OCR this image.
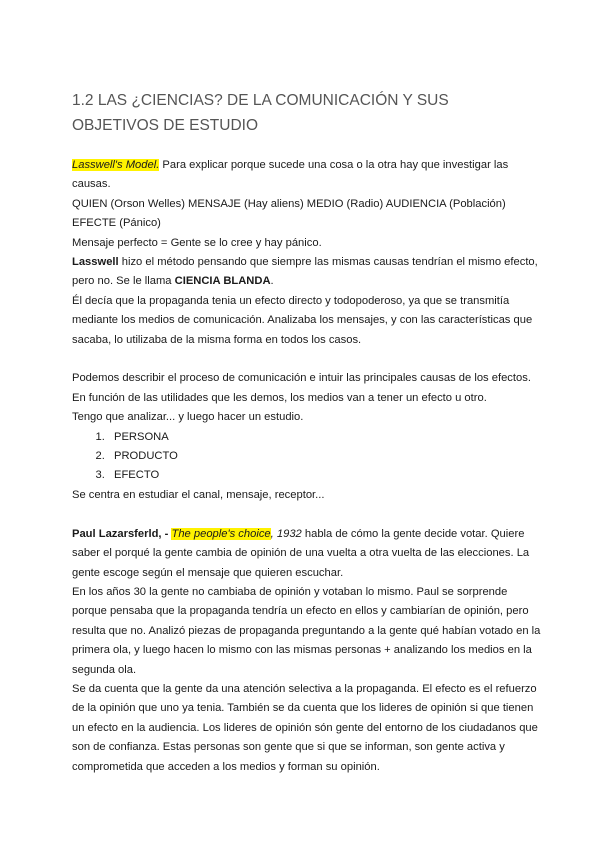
1.2 LAS ¿CIENCIAS? DE LA COMUNICACIÓN Y SUS OBJETIVOS DE ESTUDIO

Lasswell's Model. Para explicar porque sucede una cosa o la otra hay que investigar las causas.

QUIEN (Orson Welles) MENSAJE (Hay aliens) MEDIO (Radio) AUDIENCIA (Población) EFECTE (Pánico)

Mensaje perfecto = Gente se lo cree y hay pánico.

Lasswell hizo el método pensando que siempre las mismas causas tendrían el mismo efecto, pero no. Se le llama CIENCIA BLANDA.

Él decía que la propaganda tenia un efecto directo y todopoderoso, ya que se transmitía mediante los medios de comunicación. Analizaba los mensajes, y con las características que sacaba, lo utilizaba de la misma forma en todos los casos.

Podemos describir el proceso de comunicación e intuir las principales causas de los efectos.

En función de las utilidades que les demos, los medios van a tener un efecto u otro.

Tengo que analizar... y luego hacer un estudio.

1. PERSONA
2. PRODUCTO
3. EFECTO

Se centra en estudiar el canal, mensaje, receptor...

Paul Lazarsferld, - The people's choice, 1932 habla de cómo la gente decide votar. Quiere saber el porqué la gente cambia de opinión de una vuelta a otra vuelta de las elecciones. La gente escoge según el mensaje que quieren escuchar.

En los años 30 la gente no cambiaba de opinión y votaban lo mismo. Paul se sorprende porque pensaba que la propaganda tendría un efecto en ellos y cambiarían de opinión, pero resulta que no. Analizó piezas de propaganda preguntando a la gente qué habían votado en la primera ola, y luego hacen lo mismo con las mismas personas + analizando los medios en la segunda ola.

Se da cuenta que la gente da una atención selectiva a la propaganda. El efecto es el refuerzo de la opinión que uno ya tenia. También se da cuenta que los lideres de opinión si que tienen un efecto en la audiencia. Los lideres de opinión són gente del entorno de los ciudadanos que son de confianza. Estas personas son gente que si que se informan, son gente activa y comprometida que acceden a los medios y forman su opinión.
